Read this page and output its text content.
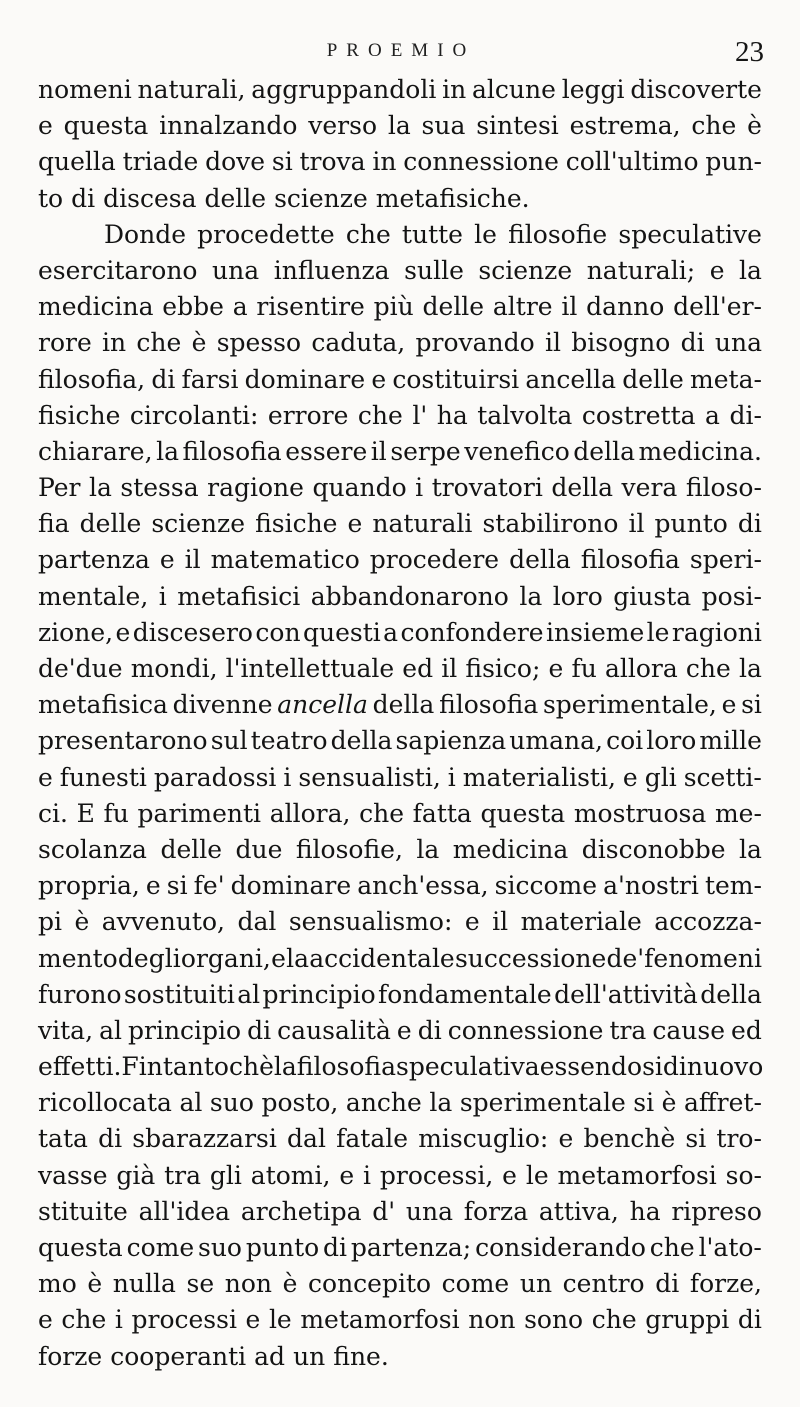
PROEMIO	23
nomeni naturali, aggruppandoli in alcune leggi discoverte
e questa innalzando verso la sua sintesi estrema, che è
quella triade dove si trova in connessione coll'ultimo pun-
to di discesa delle scienze metafisiche.
Donde procedette che tutte le filosofie speculative
esercitarono una influenza sulle scienze naturali; e la
medicina ebbe a risentire più delle altre il danno dell'er-
rore in che è spesso caduta, provando il bisogno di una
filosofia, di farsi dominare e costituirsi ancella delle meta-
fisiche circolanti: errore che l' ha talvolta costretta a di-
chiarare, la filosofia essere il serpe venefico della medicina.
Per la stessa ragione quando i trovatori della vera filoso-
fia delle scienze fisiche e naturali stabilirono il punto di
partenza e il matematico procedere della filosofia speri-
mentale, i metafisici abbandonarono la loro giusta posi-
zione, e discesero con questi a confondere insieme le ragioni
de'due mondi, l'intellettuale ed il fisico; e fu allora che la
metafisica divenne ancella della filosofia sperimentale, e si
presentarono sul teatro della sapienza umana, coi loro mille
e funesti paradossi i sensualisti, i materialisti, e gli scetti-
ci. E fu parimenti allora, che fatta questa mostruosa me-
scolanza delle due filosofie, la medicina disconobbe la
propria, e si fe' dominare anch'essa, siccome a'nostri tem-
pi è avvenuto, dal sensualismo: e il materiale accozza-
mento degli organi, e la accidentale successione de'fenomeni
furono sostituiti al principio fondamentale dell'attività della
vita, al principio di causalità e di connessione tra cause ed
effetti. Fintantochè la filosofia speculativa essendosi di nuovo
ricollocata al suo posto, anche la sperimentale si è affret-
tata di sbarazzarsi dal fatale miscuglio: e benchè si tro-
vasse già tra gli atomi, e i processi, e le metamorfosi so-
stituite all'idea archetipa d' una forza attiva, ha ripreso
questa come suo punto di partenza; considerando che l'ato-
mo è nulla se non è concepito come un centro di forze,
e che i processi e le metamorfosi non sono che gruppi di
forze cooperanti ad un fine.
